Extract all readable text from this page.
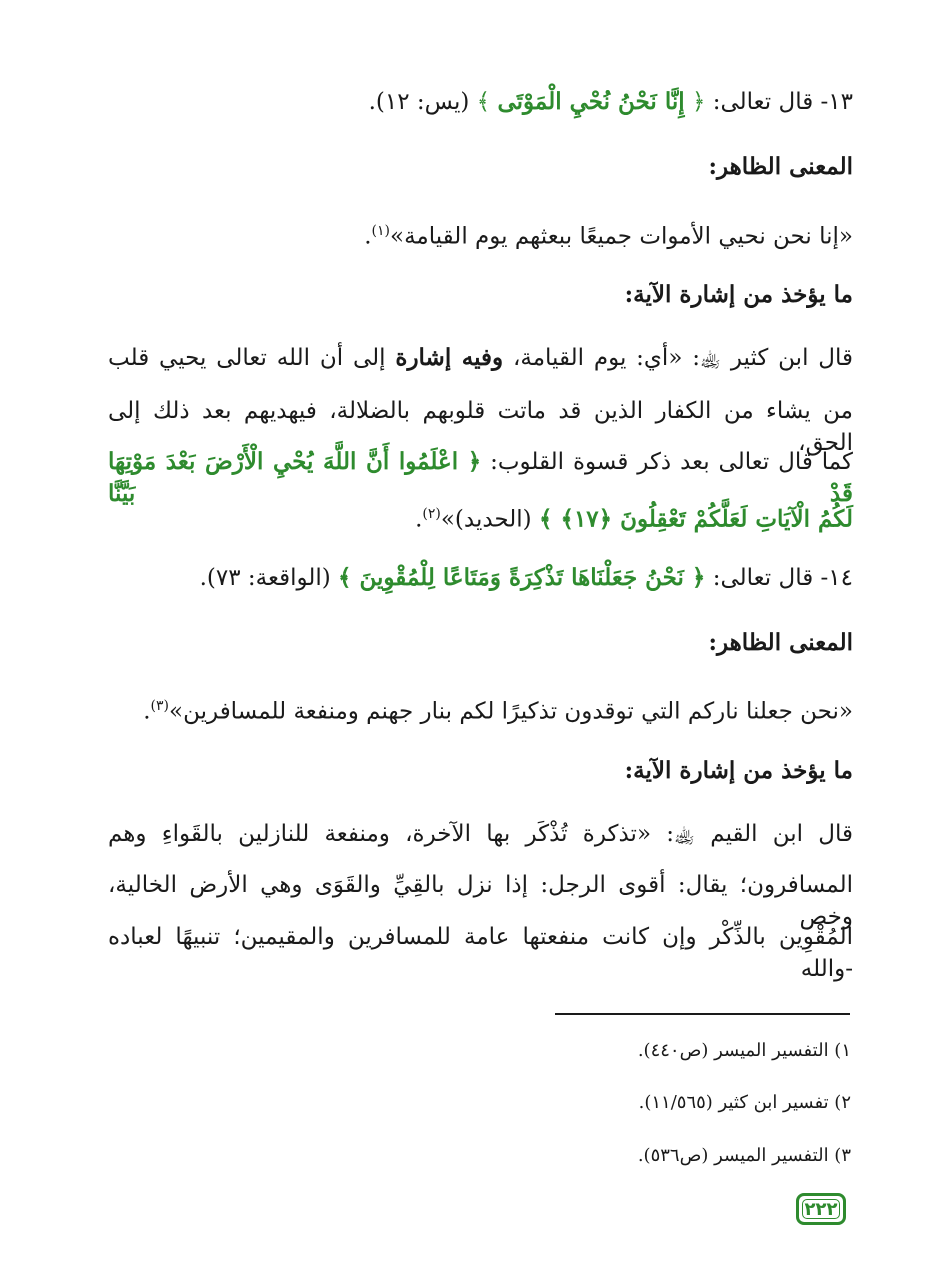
١٣- قال تعالى: ﴿ إِنَّا نَحْنُ نُحْيِ الْمَوْتَى ﴾ (يس: ١٢).
المعنى الظاهر:
«إنا نحن نحيي الأموات جميعًا ببعثهم يوم القيامة»$^{(١)}$.
ما يؤخذ من إشارة الآية:
قال ابن كثير ﵀: «أي: يوم القيامة، وفيه إشارة إلى أن الله تعالى يحيي قلب
من يشاء من الكفار الذين قد ماتت قلوبهم بالضلالة، فيهديهم بعد ذلك إلى الحق،
كما قال تعالى بعد ذكر قسوة القلوب: ﴿ اعْلَمُوا أَنَّ اللَّهَ يُحْيِ الْأَرْضَ بَعْدَ مَوْتِهَا قَدْ بَيَّنَّا
لَكُمُ الْآيَاتِ لَعَلَّكُمْ تَعْقِلُونَ ﴿١٧﴾ ﴾ (الحديد)»$^{(٢)}$.
١٤- قال تعالى: ﴿ نَحْنُ جَعَلْنَاهَا تَذْكِرَةً وَمَتَاعًا لِلْمُقْوِينَ ﴾ (الواقعة: ٧٣).
المعنى الظاهر:
«نحن جعلنا ناركم التي توقدون تذكيرًا لكم بنار جهنم ومنفعة للمسافرين»$^{(٣)}$.
ما يؤخذ من إشارة الآية:
قال ابن القيم ﵀: «تذكرة تُذْكَر بها الآخرة، ومنفعة للنازلين بالقَواءِ وهم
المسافرون؛ يقال: أقوى الرجل: إذا نزل بالقِيِّ والقَوَى وهي الأرض الخالية، وخص
المُقْوِين بالذِّكْر وإن كانت منفعتها عامة للمسافرين والمقيمين؛ تنبيهًا لعباده -والله
١) التفسير الميسر (ص٤٤٠).
٢) تفسير ابن كثير (١١/٥٦٥).
٣) التفسير الميسر (ص٥٣٦).
٢٢٢
